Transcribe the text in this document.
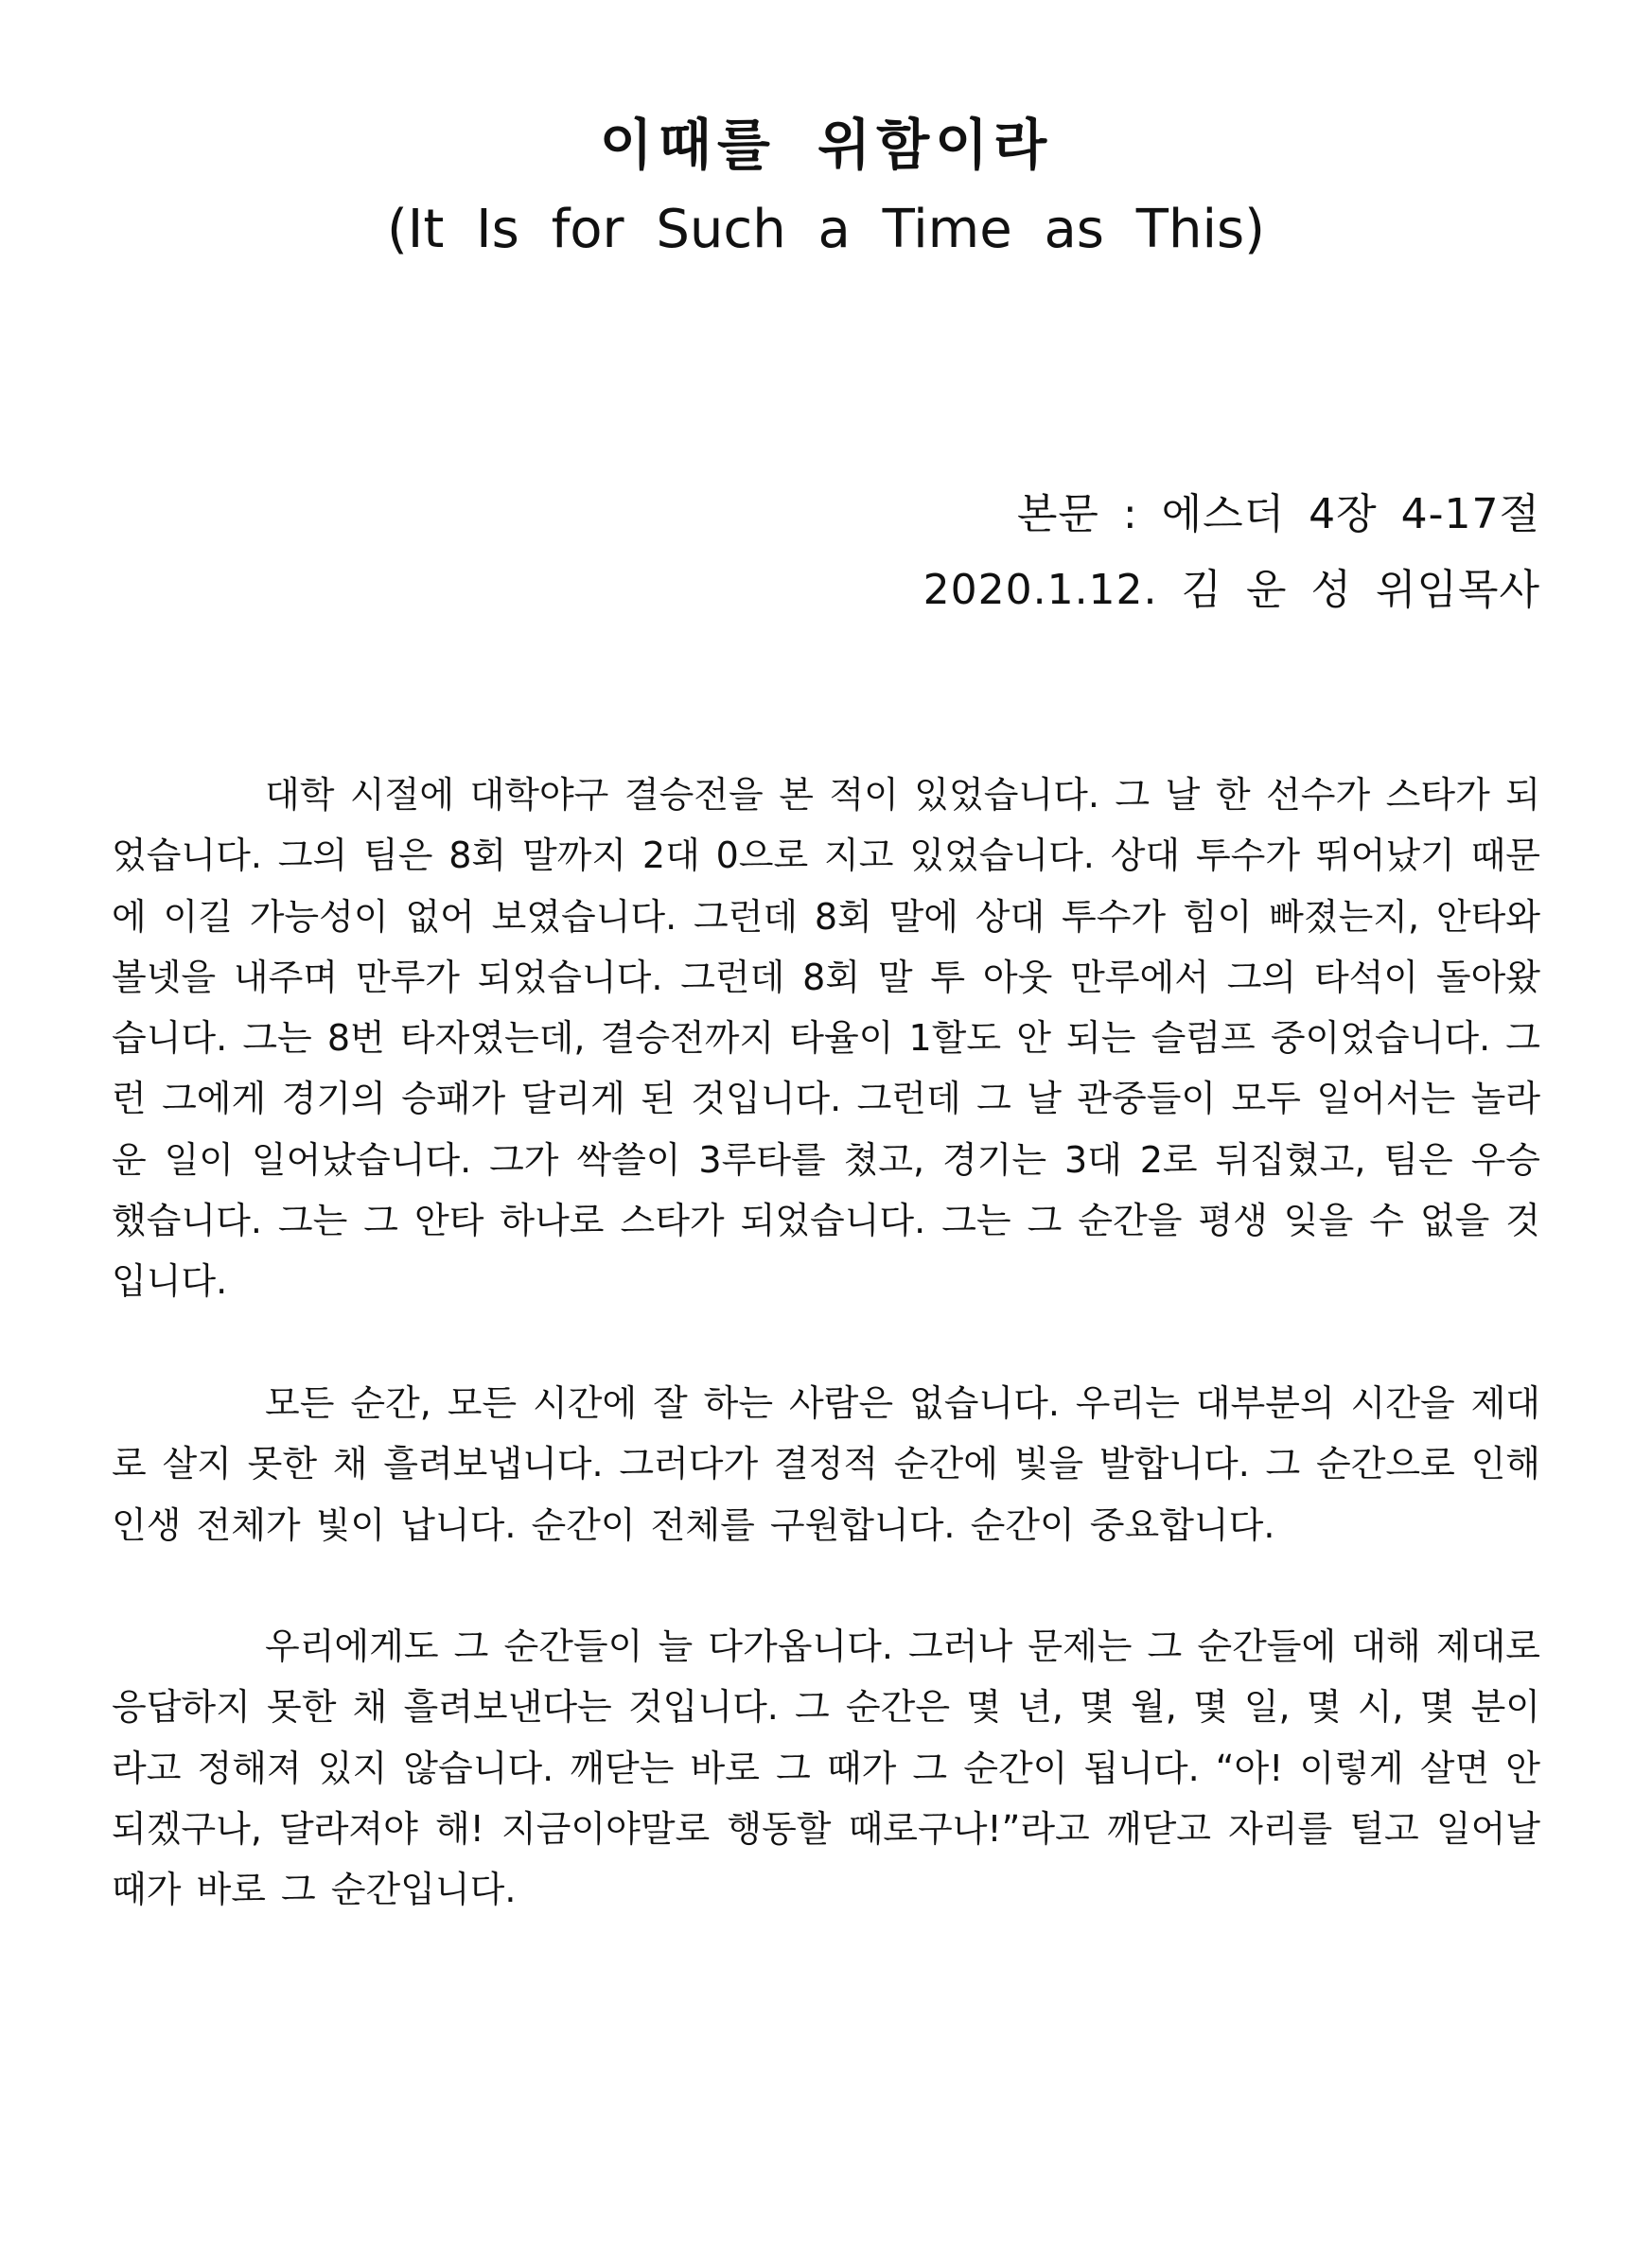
이때를 위함이라

(It Is for Such a Time as This)

본문 : 에스더 4장 4-17절

2020.1.12. 김 운 성 위임목사

대학 시절에 대학야구 결승전을 본 적이 있었습니다. 그 날 한 선수가 스타가 되었습니다. 그의 팀은 8회 말까지 2대 0으로 지고 있었습니다. 상대 투수가 뛰어났기 때문에 이길 가능성이 없어 보였습니다. 그런데 8회 말에 상대 투수가 힘이 빠졌는지, 안타와 볼넷을 내주며 만루가 되었습니다. 그런데 8회 말 투 아웃 만루에서 그의 타석이 돌아왔습니다. 그는 8번 타자였는데, 결승전까지 타율이 1할도 안 되는 슬럼프 중이었습니다. 그런 그에게 경기의 승패가 달리게 된 것입니다. 그런데 그 날 관중들이 모두 일어서는 놀라운 일이 일어났습니다. 그가 싹쓸이 3루타를 쳤고, 경기는 3대 2로 뒤집혔고, 팀은 우승했습니다. 그는 그 안타 하나로 스타가 되었습니다. 그는 그 순간을 평생 잊을 수 없을 것입니다.

모든 순간, 모든 시간에 잘 하는 사람은 없습니다. 우리는 대부분의 시간을 제대로 살지 못한 채 흘려보냅니다. 그러다가 결정적 순간에 빛을 발합니다. 그 순간으로 인해 인생 전체가 빛이 납니다. 순간이 전체를 구원합니다. 순간이 중요합니다.

우리에게도 그 순간들이 늘 다가옵니다. 그러나 문제는 그 순간들에 대해 제대로 응답하지 못한 채 흘려보낸다는 것입니다. 그 순간은 몇 년, 몇 월, 몇 일, 몇 시, 몇 분이라고 정해져 있지 않습니다. 깨닫는 바로 그 때가 그 순간이 됩니다. “아! 이렇게 살면 안 되겠구나, 달라져야 해! 지금이야말로 행동할 때로구나!”라고 깨닫고 자리를 털고 일어날 때가 바로 그 순간입니다.
